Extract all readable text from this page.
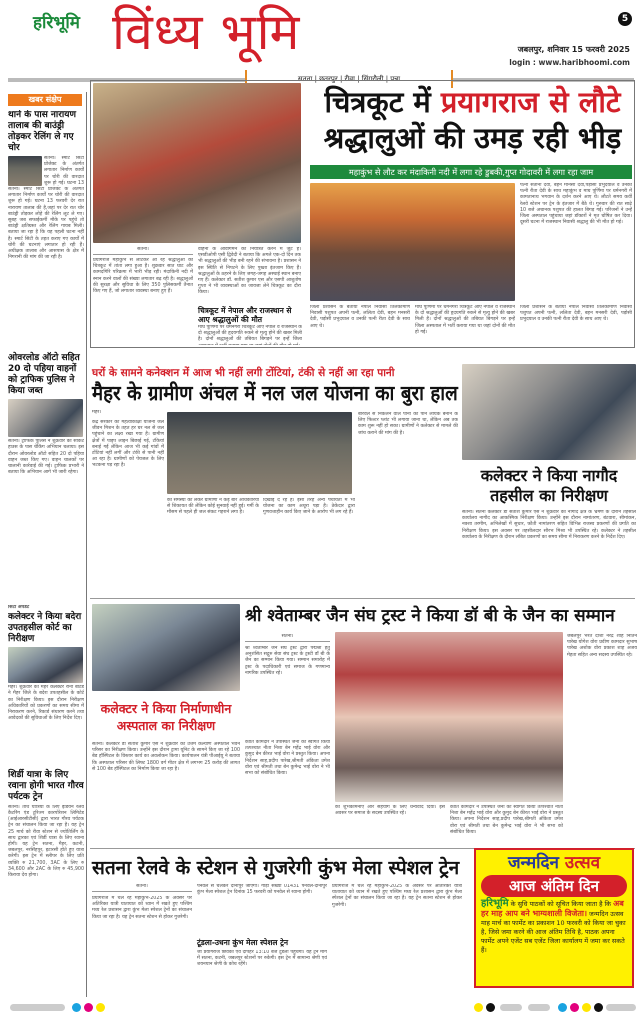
हरिभूमि विंध्य भूमि	5
जबलपुर, शनिवार 15 फरवरी 2025
login : www.haribhoomi.com
सतना | छतरपुर | रीवा | सिंगरौली | पन्ना
खबर संक्षेप
थाने के पास नारायण तालाब की बाउंड्री तोड़कर रेलिंग ले गए चोर
सतना। स्मार्ट सिटी प्रोजेक्ट के अंतर्गत लगातार निर्माण कार्यों पर चोरी की वारदात शुरू हो गई। घटना 13
सतना। स्मार्ट सिटी प्रोजेक्ट के अंतर्गत लगातार निर्माण कार्यों पर चोरी की वारदात शुरू हो गई। घटना 13 फरवरी देर रात नारायण तालाब की है,जहां पर देर रात चोर बाउंड्री तोड़कर लोहे की रेलिंग लूट ले गए। सुबह जब सफाईकर्मी मौके पर पहुंचे तो बाउंड्री क्षतिग्रस्त और रेलिंग गायब मिली। बताया जा रहा है कि यह पहली घटना नहीं है। स्मार्ट सिटी के तहत कराए गए कार्यों में चोरी की घटनाएं लगातार हो रही हैं। अधीक्षक तालाब और आसपास के क्षेत्र में निगरानी की मांग की जा रही है।
ओवरलोड ऑटो सहित 20 दो पहिया वाहनों को ट्राफिक पुलिस ने किया जब्त
सतना। ट्राफिक पुलिस ने शुक्रवार को सर्किट हाउस के पास चेकिंग अभियान चलाया। इस दौरान ओवरलोड ऑटो सहित 20 दो पहिया वाहन जब्त किए गए। वाहन चालकों पर चालानी कार्रवाई की गई। ट्राफिक प्रभारी ने बताया कि अभियान आगे भी जारी रहेगा।
सिटी अपडेट
कलेक्टर ने किया बदेरा उपतहसील कोर्ट का निरीक्षण
मैहर। शुक्रवार को मैहर कलेक्टर रानी बाटड ने मैहर जिले के बदेरा उपतहसील के कोर्ट का निरीक्षण किया। इस दौरान निरीक्षण अधिकारियों को प्रकरणों का समय सीमा में निराकरण करने, रिकार्ड संधारण करने तथा आवेदकों की सुविधाओं के लिए निर्देश दिए।
शिर्डी यात्रा के लिए रवाना होगी भारत गौरव पर्यटक ट्रेन
सतना। तीर्थ यात्रियों के लिए इंडियन रेलवे कैटरिंग एंड टूरिज्म कारपोरेशन लिमिटेड (आईआरसीटीसी) द्वारा भारत गौरव पर्यटक ट्रेन का संचालन किया जा रहा है। यह ट्रेन 25 मार्च को रीवा स्टेशन से ज्योतिर्लिंग के साथ द्वारका एवं शिर्डी यात्रा के लिए रवाना होगी। यह ट्रेन सतना, मैहर, कटनी, जबलपुर, नरसिंहपुर, इटारसी होते हुए यात्रा करेगी। इस ट्रेन में स्लीपर के लिए प्रति व्यक्ति रु 21,700, 3AC के लिए रु 34,600 और 2AC के लिए रु 45,900 किराया देय होगा।
चित्रकूट में प्रयागराज से लौटे
श्रद्धालुओं की उमड़ रही भीड़
महाकुंभ से लौट कर मंदाकिनी नदी में लगा रहे डुबकी,गुप्त गोदावरी में लगा रहा जाम
पत्नी सतीना देवी, बहन मानसी देवी,पड़ोसी प्रभुदयाल व उनकी पत्नी रीता देवी के साथ महाकुंभ व माघ पूर्णिमा पर धर्मनगरी में कामतानाथ भगवान के दर्शन करने आए थे। लौटते समय कर्वी रेलवे स्टेशन पर ट्रेन के इंतजार में बैठे थे। गुरुवार की रात साढ़े 10 बजे अचानक पशुपत की हालत बिगड़ गई। परिजनों ने उन्हें जिला अस्पताल पहुंचाया जहां डॉक्टरों ने मृत घोषित कर दिया। दूसरी घटना में राजस्थान निवासी श्रद्धालु की भी मौत हो गई।
सतना।
प्रयागराज महाकुंभ से लौटकर आ रहे श्रद्धालुओं का चित्रकूट में तांता लगा हुआ है। शुक्रवार सात घाट और कामदगिरि परिक्रमा में भारी भीड़ रही। मंदाकिनी नदी में स्नान करने वालों की संख्या लगातार बढ़ रही है। श्रद्धालुओं की सुरक्षा और सुविधा के लिए 350 पुलिसकर्मी तैनात किए गए हैं, जो लगातार व्यवस्था बनाए हुए हैं।
वाहनों के आवागमन को नियंत्रित करने में जुटे हैं। एसडीओपी एसी द्विवेदी ने बताया कि अगले एक-दो दिन तक भी श्रद्धालुओं की भीड़ बनी रहने की संभावना है। प्रशासन ने इस स्थिति से निपटने के लिए पुख्ता इंतजाम किए हैं। श्रद्धालुओं के ठहरने के लिए जगह-जगह अस्थाई स्थान बनाए गए हैं। कलेक्टर डॉ. सतीश कुमार एस और एसपी आशुतोष गुप्ता ने भी व्यवस्थाओं का जायजा लेने चित्रकूट का दौरा किया।
चित्रकूट में नेपाल और राजस्थान से आए श्रद्धालुओं की मौत
माघ पूर्णिमा पर धर्मनगरी चित्रकूट आए नेपाल व राजस्थान के दो श्रद्धालुओं की हृदयगति रुकने से मृत्यु होने की खबर मिली है। दोनों श्रद्धालुओं की तबियत बिगड़ने पर इन्हें जिला
जिला प्रशासन के बताया नेपाल निवासी तिलकामणि निवासी पशुपत अपनी पत्नी, ललिता देवी, बहन मनसरी देवी, पड़ोसी प्रभुदयाल व उनकी पत्नी रीता देवी के साथ आए थे।
माघ पूर्णिमा पर धर्मनगरी चित्रकूट आए नेपाल व राजस्थान के दो श्रद्धालुओं की हृदयगति रुकने से मृत्यु होने की खबर मिली है। दोनों श्रद्धालुओं की तबियत बिगड़ने पर इन्हें जिला अस्पताल में भर्ती कराया गया था जहां दोनों की मौत हो गई।
जिला प्रशासन के बताया नेपाल निवासी तिलकामणि निवासी पशुपत अपनी पत्नी, ललिता देवी, बहन मनसरी देवी, पड़ोसी प्रभुदयाल व उनकी पत्नी रीता देवी के साथ आए थे।
घरों के सामने कनेक्शन में आज भी नहीं लगी टोंटियां, टंकी से नहीं आ रहा पानी
मैहर के ग्रामीण अंचल में नल जल योजना का बुरा हाल
मैहर।
केंद्र सरकार की महत्वाकांक्षी योजना जल जीवन मिशन के तहत हर घर नल से जल पहुंचाने का लक्ष्य रखा गया है। ग्रामीण क्षेत्रों में पाइप लाइन बिछाई गई, टंकियां बनाई गईं लेकिन आज भी कई गांवों में टोंटियां नहीं लगीं और टंकी से पानी नहीं आ रहा है। ग्रामीणों को पेयजल के लिए भटकना पड़ रहा है।
की समस्या को लेकर ग्रामीणों ने कई बार अधिकारियों से शिकायत की लेकिन कोई सुनवाई नहीं हुई। गर्मी के मौसम से पहले ही जल संकट गहराने लगा है।
दिखाई दे रहे हैं। इसी तरह अन्य पंचायतों में भी योजना का काम अधूरा पड़ा है। ठेकेदार द्वारा गुणवत्ताहीन कार्य किए जाने के आरोप भी लग रहे हैं।
बोरवेल से निकलने वाले पानी को पीने लायक बनाने के लिए फिल्टर प्लांट भी लगाया जाना था, लेकिन अब तक काम शुरू नहीं हो सका। ग्रामीणों ने कलेक्टर से मामले की जांच कराने की मांग की है।
कलेक्टर ने किया नागौद तहसील का निरीक्षण
सतना। सतना कलेक्टर डॉ सतीश कुमार एस ने शुक्रवार को नागौद क्षेत्र के भ्रमण के दौरान तहसील कार्यालय नागौद का आकस्मिक निरीक्षण किया। उन्होंने इस दौरान नामांतरण, बंटवारा, सीमांकन, नक्शा तरमीम, अभिलेखों में सुधार, फ़ौती नामांतरण सहित विभिन्न राजस्व प्रकरणों की प्रगति का निरीक्षण किया। इस अवसर पर तहसीलदार सौरभ मिश्रा भी उपस्थित रहे। कलेक्टर ने तहसील कार्यालय के निरीक्षण के दौरान लंबित प्रकरणों का समय सीमा में निराकरण करने के निर्देश दिए।
श्री श्वेताम्बर जैन संघ ट्रस्ट ने किया डॉ बी के जैन का सम्मान
सतना।
श्री श्वेताम्बर जैन संघ ट्रस्ट द्वारा पद्मश्री हेतु अनुशंसित सद्गुरु सेवा संघ ट्रस्ट के ट्रस्टी डॉ बी के जैन का सम्मान किया गया। सम्मान समारोह में ट्रस्ट के पदाधिकारी एवं समाज के गणमान्य नागरिक उपस्थित रहे।
जबलपुर भरत दोशी नरेंद्र शाह नितिन पारेख योगेश वोरा प्रवीण कामदार सुभाष पारेख अशोक वोरा प्रकाश शाह अजय मेहता सहित अन्य सदस्य उपस्थित रहे।
कीर्ति कामदार ने उपस्थित जनों का स्वागत किया तत्पश्चात नीता निशा बेन महेंद्र भाई वोरा और कुमुद बेन कीरत भाई वोरा ने प्रस्तुत किया। अपना निर्देशन साह,प्रदीप पारेख,श्रीमती अंकिता उमेश वोरा एवं श्रीमती तथा बेन कुमेन्द्र भाई वोरा ने भी सभा को संबोधित किया।
की शुभकामनाएं और सहयोग के लिए धन्यवाद दिया। इस अवसर पर समाज के सदस्य उपस्थित रहे।
कीर्ति कामदार ने उपस्थित जनों का स्वागत किया तत्पश्चात नीता निशा बेन महेंद्र भाई वोरा और कुमुद बेन कीरत भाई वोरा ने प्रस्तुत किया। अपना निर्देशन साह,प्रदीप पारेख,श्रीमती अंकिता उमेश वोरा एवं श्रीमती तथा बेन कुमेन्द्र भाई वोरा ने भी सभा को संबोधित किया।
कलेक्टर ने किया निर्माणाधीन अस्पताल का निरीक्षण
सतना। कलेक्टर डॉ सतीश कुमार एस ने शुक्रवार को उत्तम कल्याण अस्पताल भवन परिसर का निरीक्षण किया। उन्होंने इस दौरान ट्रामा यूनिट के सामने किए जा रहे 100 बेड हॉस्पिटल के विस्तार कार्य का अवलोकन किया। कार्यपालन यंत्री पीआईयू ने बताया कि अस्पताल परिसर की लिफ्ट 1800 वर्ग मीटर क्षेत्र में लगभग 25 करोड़ की लागत से 100 बेड हॉस्पिटल का निर्माण किया जा रहा है।
सतना रेलवे के स्टेशन से गुजरेगी कुंभ मेला स्पेशल ट्रेन
सतना।
प्रयागराज में चल रहे महाकुंभ-2025 के अवसर पर अतिरिक्त यात्री यातायात को ध्यान में रखते हुए पश्चिम मध्य रेल प्रशासन द्वारा कुंभ मेला स्पेशल ट्रेनों का संचालन किया जा रहा है। यह ट्रेन सतना स्टेशन से होकर गुजरेगी।
पनवेल से चलकर दानापुर जाएगी। गाड़ी संख्या 01431 पनवेल-दानापुर कुंभ मेला स्पेशल ट्रेन दिनांक 15 फरवरी को पनवेल से रवाना होगी।
टूंडला-उधना कुंभ मेला स्पेशल ट्रेन
जो प्रयागराज छिवकी एवं दोपहर 13:10 बजे टूंडला पहुंचेगी। यह ट्रेन मार्ग में सतना, कटनी, जबलपुर स्टेशनों पर रुकेगी। इस ट्रेन में सामान्य श्रेणी एवं शयनयान श्रेणी के कोच रहेंगे।
प्रयागराज में चल रहे महाकुंभ-2025 के अवसर पर अतिरिक्त यात्री यातायात को ध्यान में रखते हुए पश्चिम मध्य रेल प्रशासन द्वारा कुंभ मेला स्पेशल ट्रेनों का संचालन किया जा रहा है। यह ट्रेन सतना स्टेशन से होकर गुजरेगी।
जन्मदिन उत्सव
आज अंतिम दिन
हरिभूमि के सुधि पाठकों को सूचित किया जाता है कि अब हर माह आप बने भाग्यशाली विजेता। जन्मदिन उत्सव माह मार्च का फार्मेट का प्रकाशन 10 फरवरी को किया जा चुका है, जिसे जमा करने की आज अंतिम तिथि है, पाठक अपना फार्मेट अपने एजेंट सब एजेंट जिला कार्यालय में जमा कर सकते हैं।
